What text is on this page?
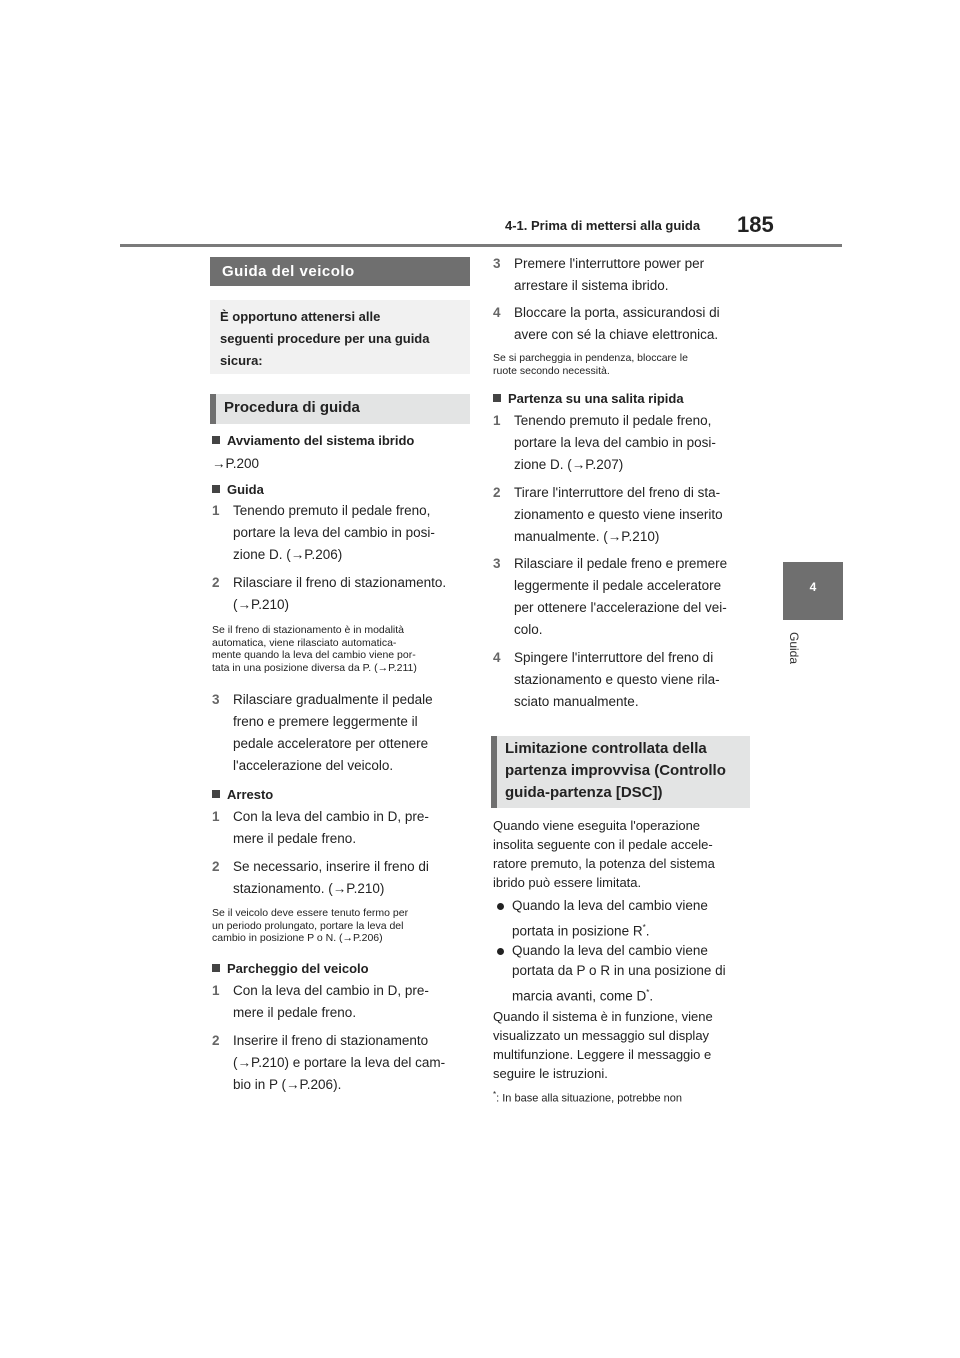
4-1. Prima di mettersi alla guida 185
4
Guida
Guida del veicolo
È opportuno attenersi alle
seguenti procedure per una guida
sicura:
Procedura di guida
Avviamento del sistema ibrido
→P.200
Guida
1 Tenendo premuto il pedale freno,
portare la leva del cambio in posi-
zione D. (→P.206)
2 Rilasciare il freno di stazionamento.
(→P.210)
Se il freno di stazionamento è in modalità
automatica, viene rilasciato automatica-
mente quando la leva del cambio viene por-
tata in una posizione diversa da P. (→P.211)
3 Rilasciare gradualmente il pedale
freno e premere leggermente il
pedale acceleratore per ottenere
l'accelerazione del veicolo.
Arresto
1 Con la leva del cambio in D, pre-
mere il pedale freno.
2 Se necessario, inserire il freno di
stazionamento. (→P.210)
Se il veicolo deve essere tenuto fermo per
un periodo prolungato, portare la leva del
cambio in posizione P o N. (→P.206)
Parcheggio del veicolo
1 Con la leva del cambio in D, pre-
mere il pedale freno.
2 Inserire il freno di stazionamento
(→P.210) e portare la leva del cam-
bio in P (→P.206).
3 Premere l'interruttore power per
arrestare il sistema ibrido.
4 Bloccare la porta, assicurandosi di
avere con sé la chiave elettronica.
Se si parcheggia in pendenza, bloccare le
ruote secondo necessità.
Partenza su una salita ripida
1 Tenendo premuto il pedale freno,
portare la leva del cambio in posi-
zione D. (→P.207)
2 Tirare l'interruttore del freno di sta-
zionamento e questo viene inserito
manualmente. (→P.210)
3 Rilasciare il pedale freno e premere
leggermente il pedale acceleratore
per ottenere l'accelerazione del vei-
colo.
4 Spingere l'interruttore del freno di
stazionamento e questo viene rila-
sciato manualmente.
Limitazione controllata della
partenza improvvisa (Controllo
guida-partenza [DSC])
Quando viene eseguita l'operazione
insolita seguente con il pedale accele-
ratore premuto, la potenza del sistema
ibrido può essere limitata.
Quando la leva del cambio viene
portata in posizione R*.
Quando la leva del cambio viene
portata da P o R in una posizione di
marcia avanti, come D*.
Quando il sistema è in funzione, viene
visualizzato un messaggio sul display
multifunzione. Leggere il messaggio e
seguire le istruzioni.
*: In base alla situazione, potrebbe non
